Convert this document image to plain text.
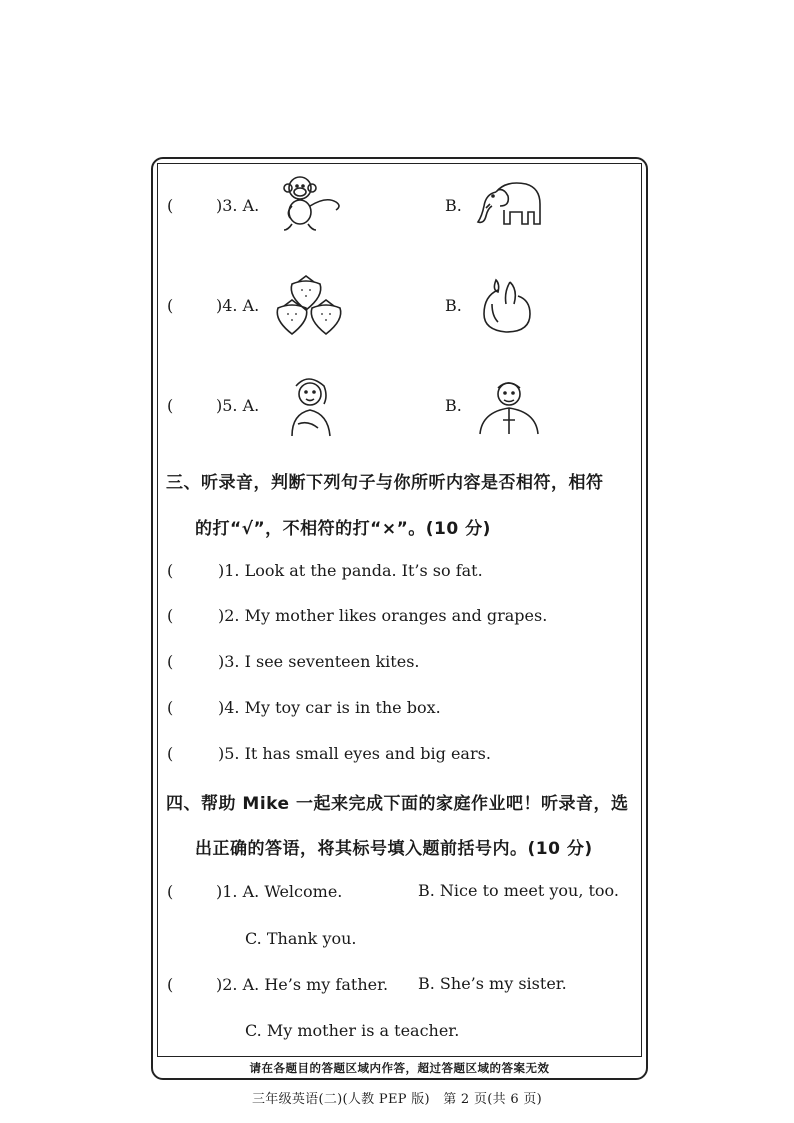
(	)3. A.	B.
(	)4. A.	B.
(	)5. A.	B.
三、听录音，判断下列句子与你所听内容是否相符，相符
的打“√”，不相符的打“×”。(10 分)
(	)1. Look at the panda. It’s so fat.
(	)2. My mother likes oranges and grapes.
(	)3. I see seventeen kites.
(	)4. My toy car is in the box.
(	)5. It has small eyes and big ears.
四、帮助 Mike 一起来完成下面的家庭作业吧！听录音，选
出正确的答语，将其标号填入题前括号内。(10 分)
(	)1. A. Welcome.	B. Nice to meet you, too.
C. Thank you.
(	)2. A. He’s my father. B. She’s my sister.
C. My mother is a teacher.
请在各题目的答题区域内作答，超过答题区域的答案无效
三年级英语(二)(人教 PEP 版)　第 2 页(共 6 页)
